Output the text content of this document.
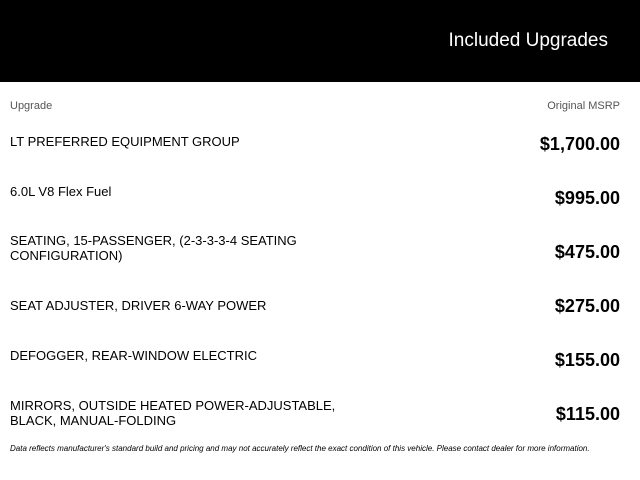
Included Upgrades
Upgrade	Original MSRP
LT PREFERRED EQUIPMENT GROUP	$1,700.00
6.0L V8 Flex Fuel	$995.00
SEATING, 15-PASSENGER, (2-3-3-3-4 SEATING CONFIGURATION)	$475.00
SEAT ADJUSTER, DRIVER 6-WAY POWER	$275.00
DEFOGGER, REAR-WINDOW ELECTRIC	$155.00
MIRRORS, OUTSIDE HEATED POWER-ADJUSTABLE, BLACK, MANUAL-FOLDING	$115.00
Data reflects manufacturer's standard build and pricing and may not accurately reflect the exact condition of this vehicle. Please contact dealer for more information.
